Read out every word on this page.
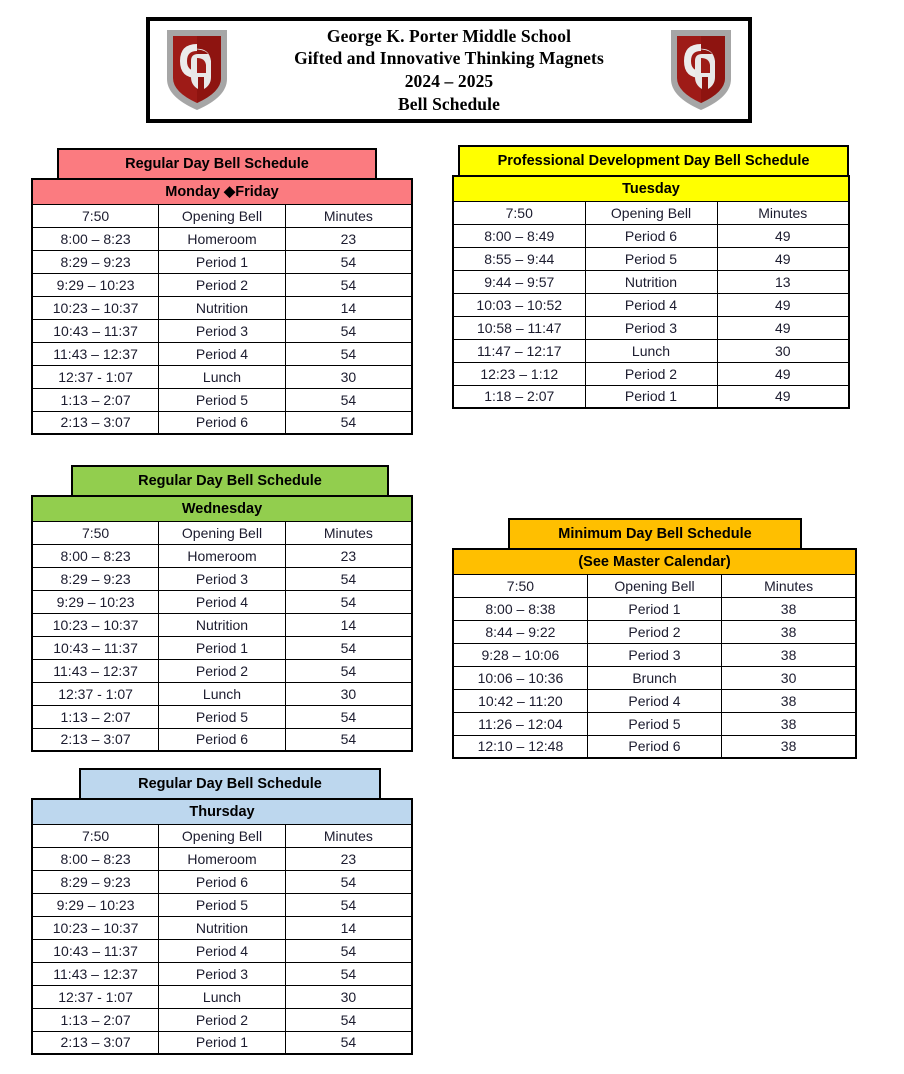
George K. Porter Middle School
Gifted and Innovative Thinking Magnets
2024 – 2025
Bell Schedule
Regular Day Bell Schedule
Monday ◆Friday		
7:50	Opening Bell	Minutes
8:00 – 8:23	Homeroom	23
8:29 – 9:23	Period 1	54
9:29 – 10:23	Period 2	54
10:23 – 10:37	Nutrition	14
10:43 – 11:37	Period 3	54
11:43 – 12:37	Period 4	54
12:37 - 1:07	Lunch	30
1:13 – 2:07	Period 5	54
2:13 – 3:07	Period 6	54
Professional Development Day Bell Schedule
Tuesday		
7:50	Opening Bell	Minutes
8:00 – 8:49	Period 6	49
8:55 – 9:44	Period 5	49
9:44 – 9:57	Nutrition	13
10:03 – 10:52	Period 4	49
10:58 – 11:47	Period 3	49
11:47 – 12:17	Lunch	30
12:23 – 1:12	Period 2	49
1:18 – 2:07	Period 1	49
Regular Day Bell Schedule
Wednesday		
7:50	Opening Bell	Minutes
8:00 – 8:23	Homeroom	23
8:29 – 9:23	Period 3	54
9:29 – 10:23	Period 4	54
10:23 – 10:37	Nutrition	14
10:43 – 11:37	Period 1	54
11:43 – 12:37	Period 2	54
12:37 - 1:07	Lunch	30
1:13 – 2:07	Period 5	54
2:13 – 3:07	Period 6	54
Minimum Day Bell Schedule
(See Master Calendar)		
7:50	Opening Bell	Minutes
8:00 – 8:38	Period 1	38
8:44 – 9:22	Period 2	38
9:28 – 10:06	Period 3	38
10:06 – 10:36	Brunch	30
10:42 – 11:20	Period 4	38
11:26 – 12:04	Period 5	38
12:10 – 12:48	Period 6	38
Regular Day Bell Schedule
Thursday		
7:50	Opening Bell	Minutes
8:00 – 8:23	Homeroom	23
8:29 – 9:23	Period 6	54
9:29 – 10:23	Period 5	54
10:23 – 10:37	Nutrition	14
10:43 – 11:37	Period 4	54
11:43 – 12:37	Period 3	54
12:37 - 1:07	Lunch	30
1:13 – 2:07	Period 2	54
2:13 – 3:07	Period 1	54
